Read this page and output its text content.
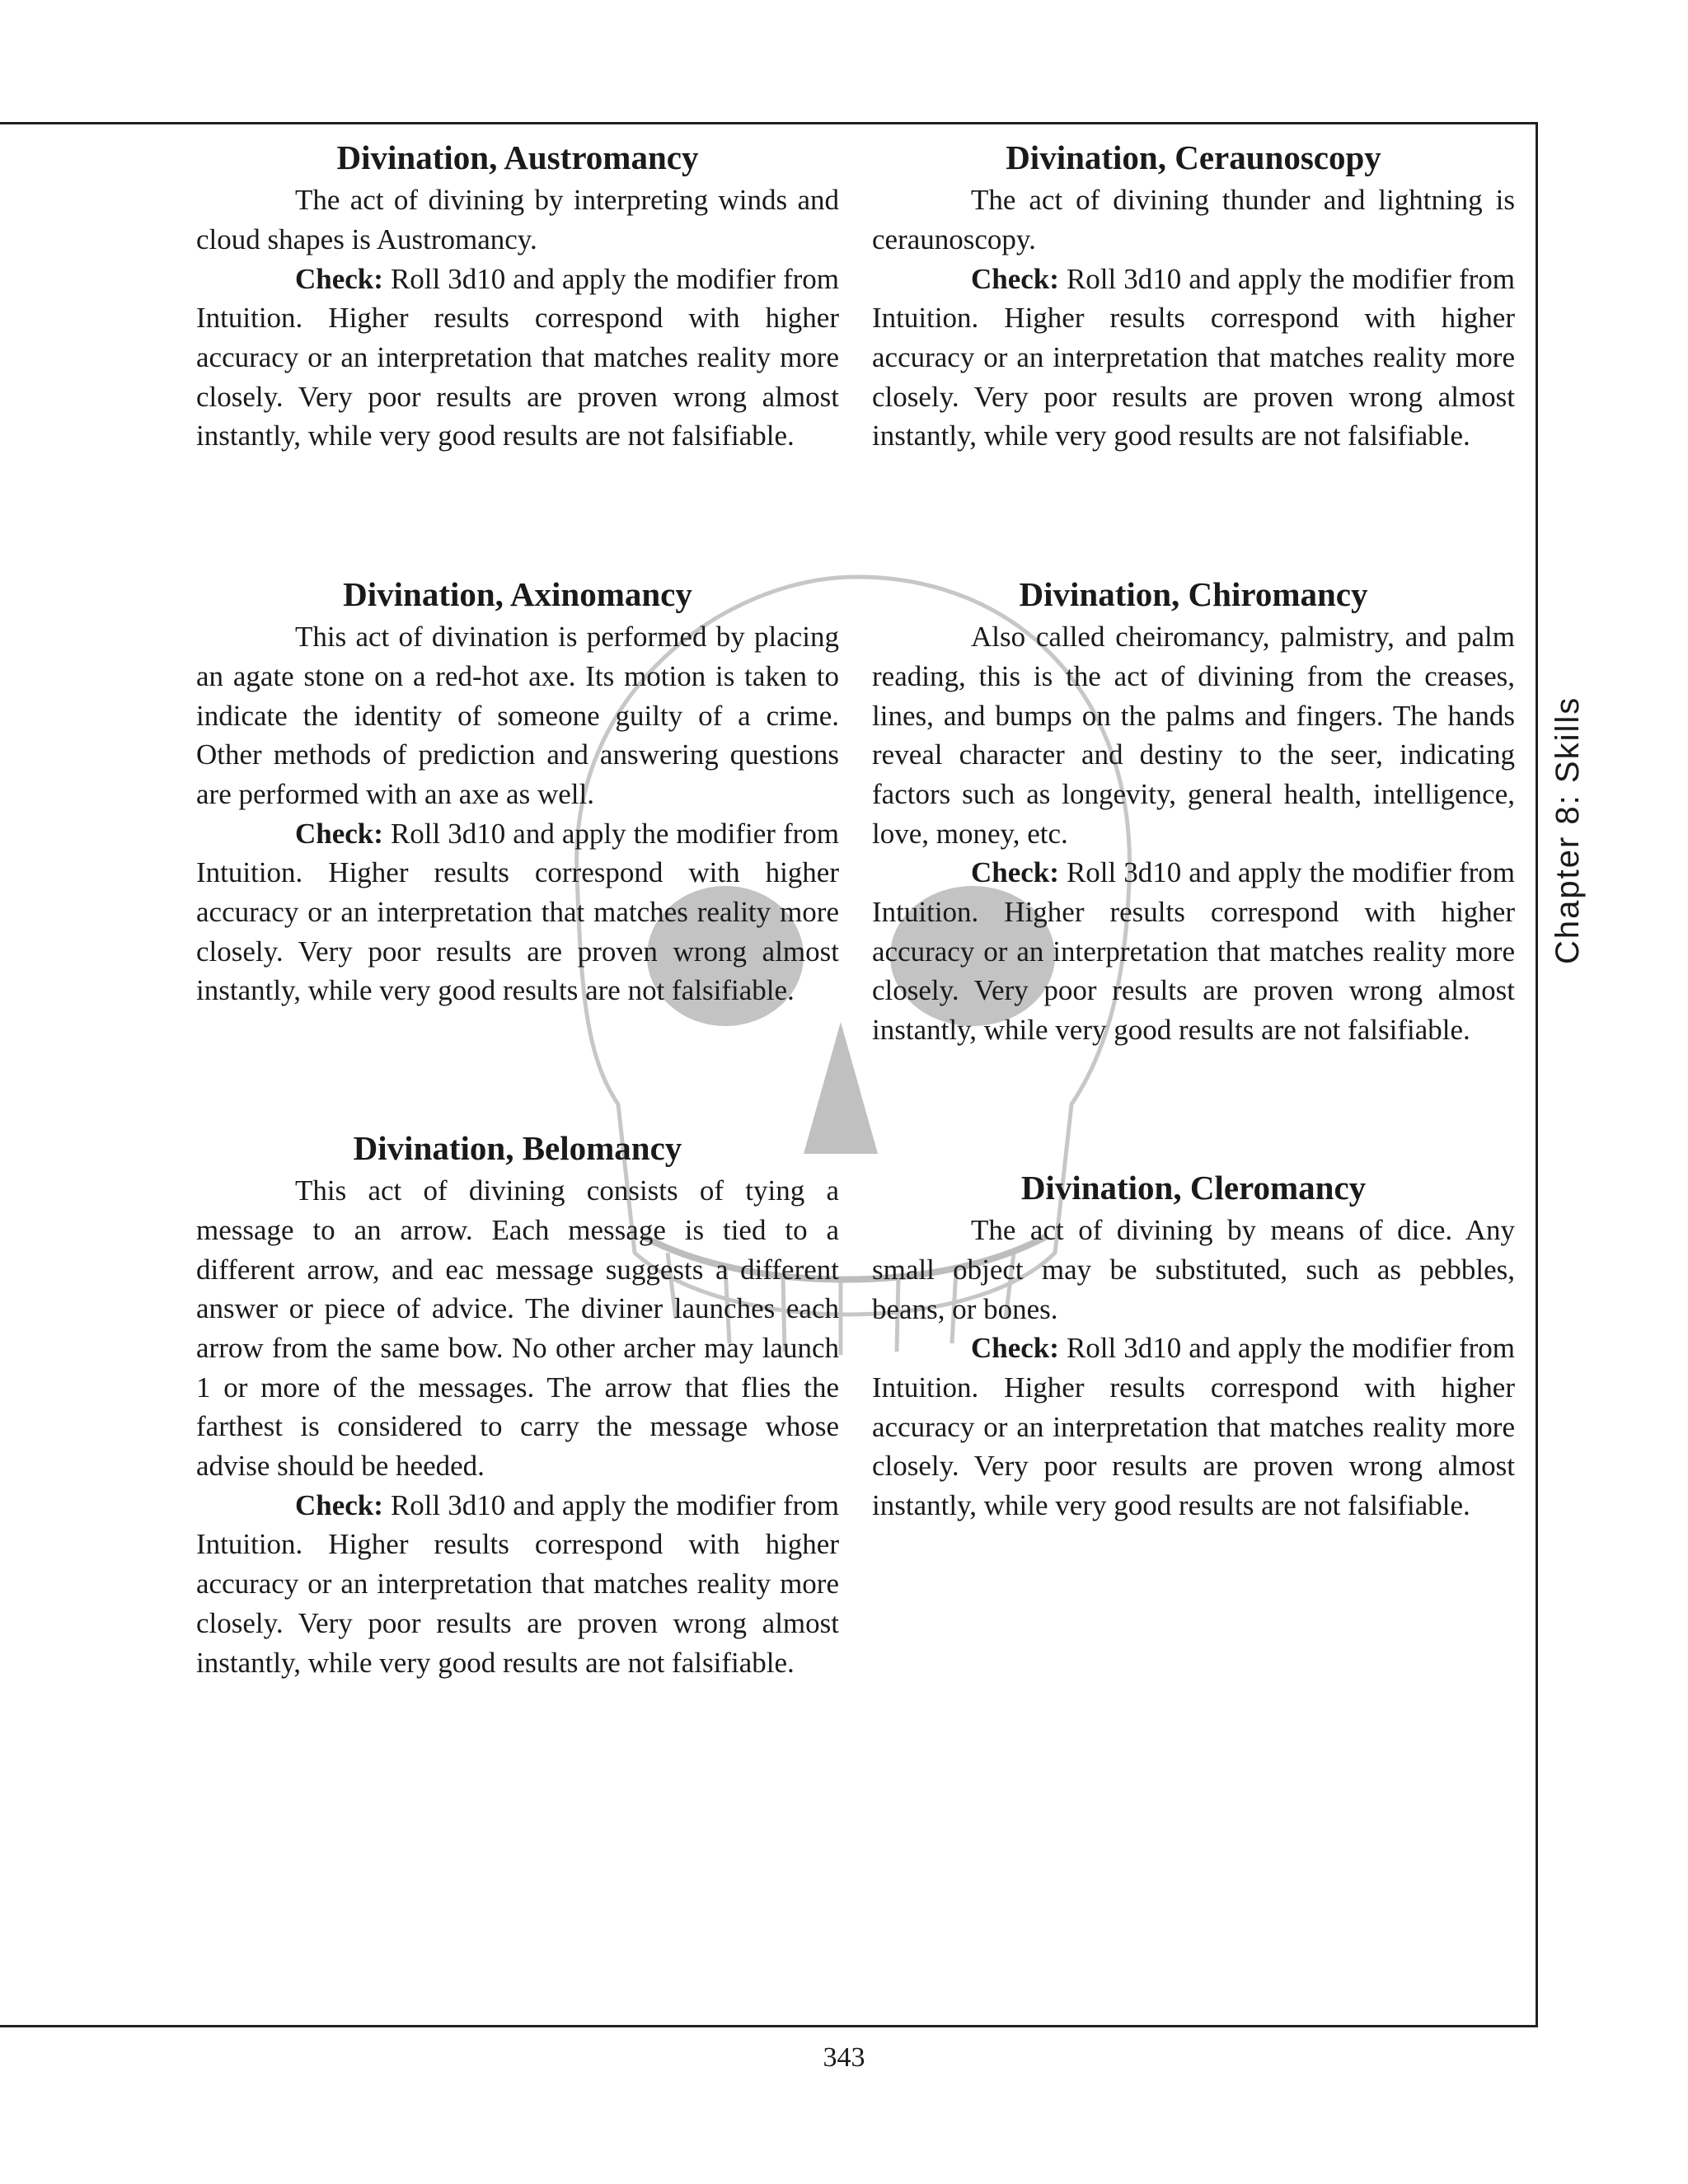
Divination, Austromancy

The act of divining by interpreting winds and cloud shapes is Austromancy.

Check: Roll 3d10 and apply the modifier from Intuition. Higher results correspond with higher accuracy or an interpretation that matches reality more closely. Very poor results are proven wrong almost instantly, while very good results are not falsifiable.

Divination, Axinomancy

This act of divination is performed by placing an agate stone on a red-hot axe. Its motion is taken to indicate the identity of someone guilty of a crime. Other methods of prediction and answering questions are performed with an axe as well.

Check: Roll 3d10 and apply the modifier from Intuition. Higher results correspond with higher accuracy or an interpretation that matches reality more closely. Very poor results are proven wrong almost instantly, while very good results are not falsifiable.

Divination, Belomancy

This act of divining consists of tying a message to an arrow. Each message is tied to a different arrow, and eac message suggests a different answer or piece of advice. The diviner launches each arrow from the same bow. No other archer may launch 1 or more of the messages. The arrow that flies the farthest is considered to carry the message whose advise should be heeded.

Check: Roll 3d10 and apply the modifier from Intuition. Higher results correspond with higher accuracy or an interpretation that matches reality more closely. Very poor results are proven wrong almost instantly, while very good results are not falsifiable.

Divination, Ceraunoscopy

The act of divining thunder and lightning is ceraunoscopy.

Check: Roll 3d10 and apply the modifier from Intuition. Higher results correspond with higher accuracy or an interpretation that matches reality more closely. Very poor results are proven wrong almost instantly, while very good results are not falsifiable.

Divination, Chiromancy

Also called cheiromancy, palmistry, and palm reading, this is the act of divining from the creases, lines, and bumps on the palms and fingers. The hands reveal character and destiny to the seer, indicating factors such as longevity, general health, intelligence, love, money, etc.

Check: Roll 3d10 and apply the modifier from Intuition. Higher results correspond with higher accuracy or an interpretation that matches reality more closely. Very poor results are proven wrong almost instantly, while very good results are not falsifiable.

Divination, Cleromancy

The act of divining by means of dice. Any small object may be substituted, such as pebbles, beans, or bones.

Check: Roll 3d10 and apply the modifier from Intuition. Higher results correspond with higher accuracy or an interpretation that matches reality more closely. Very poor results are proven wrong almost instantly, while very good results are not falsifiable.

Chapter 8: Skills
343
